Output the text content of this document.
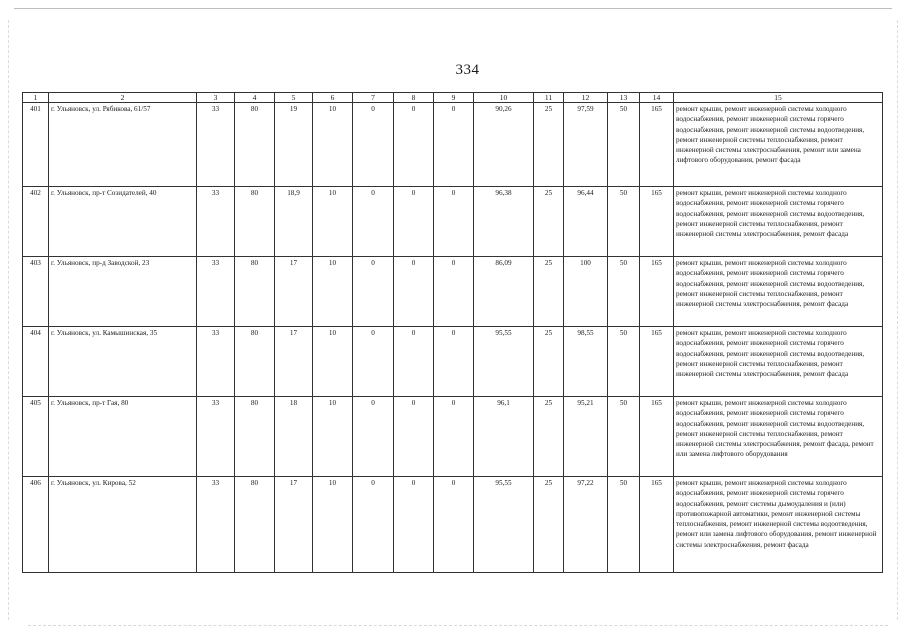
334
1	2	3	4	5	6	7	8	9	10	11	12	13	14	15
401	г. Ульяновск, ул. Рябикова, 61/57	33	80	19	10	0	0	0	90,26	25	97,59	50	165	ремонт крыши, ремонт инженерной системы холодного водоснабжения, ремонт инженерной системы горячего водоснабжения, ремонт инженерной системы водоотведения, ремонт инженерной системы теплоснабжения, ремонт инженерной системы электроснабжения, ремонт или замена лифтового оборудования, ремонт фасада
402	г. Ульяновск, пр-т Созидателей, 40	33	80	18,9	10	0	0	0	96,38	25	96,44	50	165	ремонт крыши, ремонт инженерной системы холодного водоснабжения, ремонт инженерной системы горячего водоснабжения, ремонт инженерной системы водоотведения, ремонт инженерной системы теплоснабжения, ремонт инженерной системы электроснабжения, ремонт фасада
403	г. Ульяновск, пр-д Заводской, 23	33	80	17	10	0	0	0	86,09	25	100	50	165	ремонт крыши, ремонт инженерной системы холодного водоснабжения, ремонт инженерной системы горячего водоснабжения, ремонт инженерной системы водоотведения, ремонт инженерной системы теплоснабжения, ремонт инженерной системы электроснабжения, ремонт фасада
404	г. Ульяновск, ул. Камышинская, 35	33	80	17	10	0	0	0	95,55	25	98,55	50	165	ремонт крыши, ремонт инженерной системы холодного водоснабжения, ремонт инженерной системы горячего водоснабжения, ремонт инженерной системы водоотведения, ремонт инженерной системы теплоснабжения, ремонт инженерной системы электроснабжения, ремонт фасада
405	г. Ульяновск, пр-т Гая, 80	33	80	18	10	0	0	0	96,1	25	95,21	50	165	ремонт крыши, ремонт инженерной системы холодного водоснабжения, ремонт инженерной системы горячего водоснабжения, ремонт инженерной системы водоотведения, ремонт инженерной системы теплоснабжения, ремонт инженерной системы электроснабжения, ремонт фасада, ремонт или замена лифтового оборудования
406	г. Ульяновск, ул. Кирова, 52	33	80	17	10	0	0	0	95,55	25	97,22	50	165	ремонт крыши, ремонт инженерной системы холодного водоснабжения, ремонт инженерной системы горячего водоснабжения, ремонт системы дымоудаления и (или) противопожарной автоматики, ремонт инженерной системы теплоснабжения, ремонт инженерной системы водоотведения, ремонт или замена лифтового оборудования, ремонт инженерной системы электроснабжения, ремонт фасада
